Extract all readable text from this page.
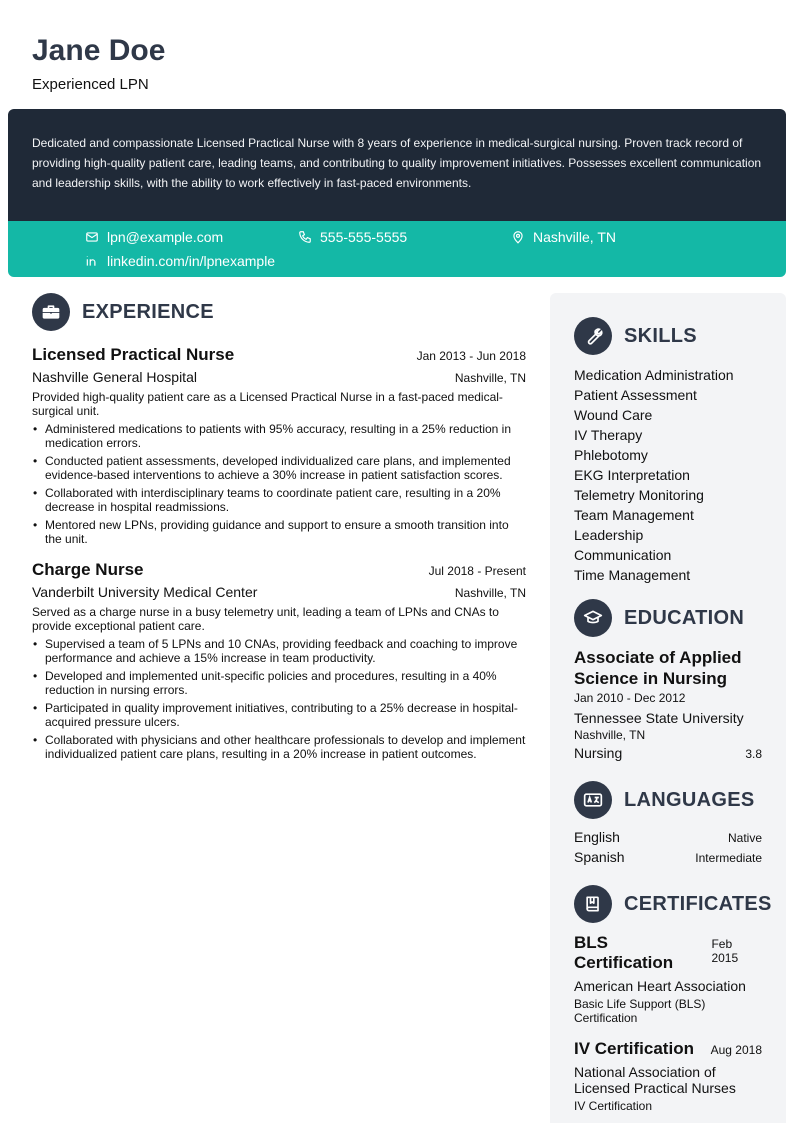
Jane Doe
Experienced LPN

Dedicated and compassionate Licensed Practical Nurse with 8 years of experience in medical-surgical nursing. Proven track record of providing high-quality patient care, leading teams, and contributing to quality improvement initiatives. Possesses excellent communication and leadership skills, with the ability to work effectively in fast-paced environments.

lpn@example.com	555-555-5555	Nashville, TN
linkedin.com/in/lpnexample
EXPERIENCE
Licensed Practical Nurse	Jan 2013 - Jun 2018
Nashville General Hospital	Nashville, TN
Provided high-quality patient care as a Licensed Practical Nurse in a fast-paced medical-surgical unit.
• Administered medications to patients with 95% accuracy, resulting in a 25% reduction in medication errors.
• Conducted patient assessments, developed individualized care plans, and implemented evidence-based interventions to achieve a 30% increase in patient satisfaction scores.
• Collaborated with interdisciplinary teams to coordinate patient care, resulting in a 20% decrease in hospital readmissions.
• Mentored new LPNs, providing guidance and support to ensure a smooth transition into the unit.
Charge Nurse	Jul 2018 - Present
Vanderbilt University Medical Center	Nashville, TN
Served as a charge nurse in a busy telemetry unit, leading a team of LPNs and CNAs to provide exceptional patient care.
• Supervised a team of 5 LPNs and 10 CNAs, providing feedback and coaching to improve performance and achieve a 15% increase in team productivity.
• Developed and implemented unit-specific policies and procedures, resulting in a 40% reduction in nursing errors.
• Participated in quality improvement initiatives, contributing to a 25% decrease in hospital-acquired pressure ulcers.
• Collaborated with physicians and other healthcare professionals to develop and implement individualized patient care plans, resulting in a 20% increase in patient outcomes.
SKILLS
Medication Administration
Patient Assessment
Wound Care
IV Therapy
Phlebotomy
EKG Interpretation
Telemetry Monitoring
Team Management
Leadership
Communication
Time Management
EDUCATION
Associate of Applied Science in Nursing
Jan 2010 - Dec 2012
Tennessee State University
Nashville, TN
Nursing	3.8
LANGUAGES
English	Native
Spanish	Intermediate
CERTIFICATES
BLS Certification
Feb 2015
American Heart Association
Basic Life Support (BLS) Certification
IV Certification Aug 2018
National Association of Licensed Practical Nurses
IV Certification
